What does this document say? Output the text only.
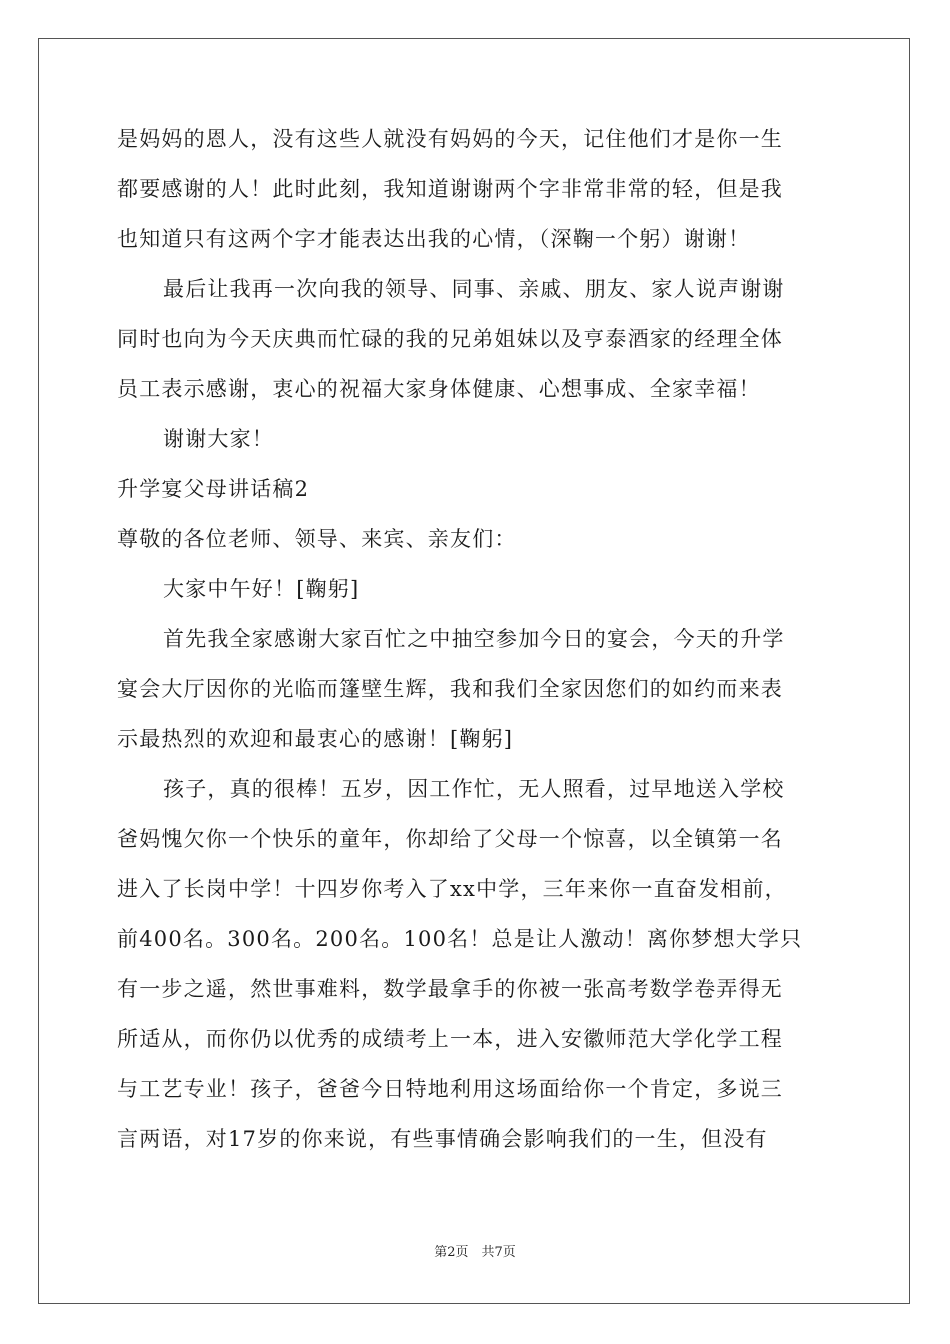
是妈妈的恩人，没有这些人就没有妈妈的今天，记住他们才是你一生
都要感谢的人！此时此刻，我知道谢谢两个字非常非常的轻，但是我
也知道只有这两个字才能表达出我的心情，（深鞠一个躬）谢谢！
最后让我再一次向我的领导、同事、亲戚、朋友、家人说声谢谢
同时也向为今天庆典而忙碌的我的兄弟姐妹以及亨泰酒家的经理全体
员工表示感谢，衷心的祝福大家身体健康、心想事成、全家幸福！
谢谢大家！
升学宴父母讲话稿2
尊敬的各位老师、领导、来宾、亲友们：
大家中午好！[鞠躬]
首先我全家感谢大家百忙之中抽空参加今日的宴会，今天的升学
宴会大厅因你的光临而篷壁生辉，我和我们全家因您们的如约而来表
示最热烈的欢迎和最衷心的感谢！[鞠躬]
孩子，真的很棒！五岁，因工作忙，无人照看，过早地送入学校
爸妈愧欠你一个快乐的童年，你却给了父母一个惊喜，以全镇第一名
进入了长岗中学！十四岁你考入了xx中学，三年来你一直奋发相前，
前400名。300名。200名。100名！总是让人激动！离你梦想大学只
有一步之遥，然世事难料，数学最拿手的你被一张高考数学卷弄得无
所适从，而你仍以优秀的成绩考上一本，进入安徽师范大学化学工程
与工艺专业！孩子，爸爸今日特地利用这场面给你一个肯定，多说三
言两语，对17岁的你来说，有些事情确会影响我们的一生，但没有
第2页　共7页
